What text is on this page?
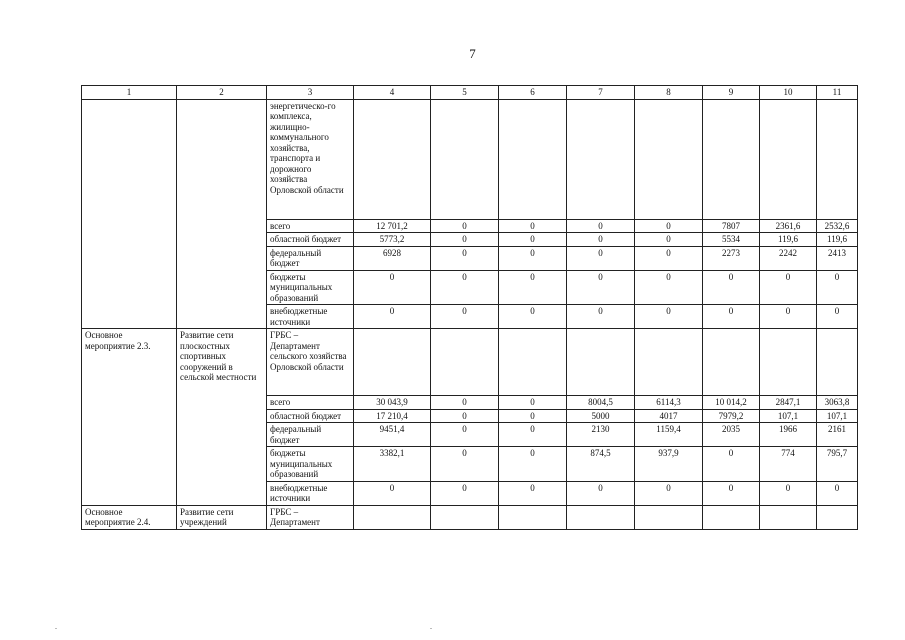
7
1	2	3	4	5	6	7	8	9	10	11
		энергетическо-го комплекса, жилищно-коммунального хозяйства, транспорта и дорожного хозяйства Орловской области								
		всего	12 701,2	0	0	0	0	7807	2361,6	2532,6
		областной бюджет	5773,2	0	0	0	0	5534	119,6	119,6
		федеральный бюджет	6928	0	0	0	0	2273	2242	2413
		бюджеты муниципальных образований	0	0	0	0	0	0	0	0
		внебюджетные источники	0	0	0	0	0	0	0	0
Основное мероприятие 2.3.	Развитие сети плоскостных спортивных сооружений в сельской местности	ГРБС – Департамент сельского хозяйства Орловской области								
		всего	30 043,9	0	0	8004,5	6114,3	10 014,2	2847,1	3063,8
		областной бюджет	17 210,4	0	0	5000	4017	7979,2	107,1	107,1
		федеральный бюджет	9451,4	0	0	2130	1159,4	2035	1966	2161
		бюджеты муниципальных образований	3382,1	0	0	874,5	937,9	0	774	795,7
		внебюджетные источники	0	0	0	0	0	0	0	0
Основное мероприятие 2.4.	Развитие сети учреждений	ГРБС – Департамент								
